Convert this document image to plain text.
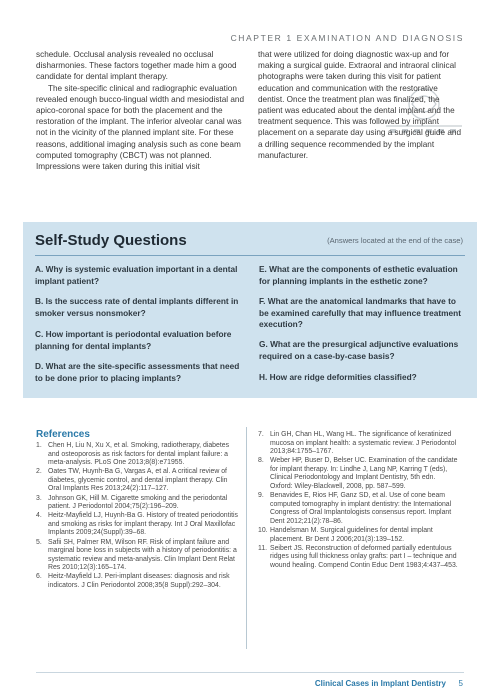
CHAPTER 1 EXAMINATION AND DIAGNOSIS

schedule. Occlusal analysis revealed no occlusal disharmonies. These factors together made him a good candidate for dental implant therapy.

The site-specific clinical and radiographic evaluation revealed enough bucco-lingual width and mesiodistal and apico-coronal space for both the placement and the restoration of the implant. The inferior alveolar canal was not in the vicinity of the planned implant site. For these reasons, additional imaging analysis such as cone beam computed tomography (CBCT) was not planned. Impressions were taken during this initial visit

that were utilized for doing diagnostic wax-up and for making a surgical guide. Extraoral and intraoral clinical photographs were taken during this visit for patient education and communication with the restorative dentist. Once the treatment plan was finalized, the patient was educated about the dental implant and the treatment sequence. This was followed by implant placement on a separate day using a surgical guide and a drilling sequence recommended by the implant manufacturer.

Self-Study Questions	(Answers located at the end of the case)
A. Why is systemic evaluation important in a dental implant patient?
B. Is the success rate of dental implants different in smoker versus nonsmoker?
C. How important is periodontal evaluation before planning for dental implants?
D. What are the site-specific assessments that need to be done prior to placing implants?
E. What are the components of esthetic evaluation for planning implants in the esthetic zone?
F. What are the anatomical landmarks that have to be examined carefully that may influence treatment execution?
G. What are the presurgical adjunctive evaluations required on a case-by-case basis?
H. How are ridge deformities classified?
References
1. Chen H, Liu N, Xu X, et al. Smoking, radiotherapy, diabetes and osteoporosis as risk factors for dental implant failure: a meta-analysis. PLoS One 2013;8(8):e71955.
2. Oates TW, Huynh-Ba G, Vargas A, et al. A critical review of diabetes, glycemic control, and dental implant therapy. Clin Oral Implants Res 2013;24(2):117–127.
3. Johnson GK, Hill M. Cigarette smoking and the periodontal patient. J Periodontol 2004;75(2):196–209.
4. Heitz-Mayfield LJ, Huynh-Ba G. History of treated periodontitis and smoking as risks for implant therapy. Int J Oral Maxillofac Implants 2009;24(Suppl):39–68.
5. Safii SH, Palmer RM, Wilson RF. Risk of implant failure and marginal bone loss in subjects with a history of periodontitis: a systematic review and meta-analysis. Clin Implant Dent Relat Res 2010;12(3):165–174.
6. Heitz-Mayfield LJ. Peri-implant diseases: diagnosis and risk indicators. J Clin Periodontol 2008;35(8 Suppl):292–304.
7. Lin GH, Chan HL, Wang HL. The significance of keratinized mucosa on implant health: a systematic review. J Periodontol 2013;84:1755–1767.
8. Weber HP, Buser D, Belser UC. Examination of the candidate for implant therapy. In: Lindhe J, Lang NP, Karring T (eds), Clinical Periodontology and Implant Dentistry, 5th edn. Oxford: Wiley-Blackwell, 2008, pp. 587–599.
9. Benavides E, Rios HF, Ganz SD, et al. Use of cone beam computed tomography in implant dentistry: the International Congress of Oral Implantologists consensus report. Implant Dent 2012;21(2):78–86.
10. Handelsman M. Surgical guidelines for dental implant placement. Br Dent J 2006;201(3):139–152.
11. Seibert JS. Reconstruction of deformed partially edentulous ridges using full thickness onlay grafts: part I – technique and wound healing. Compend Contin Educ Dent 1983;4:437–453.
Clinical Cases in Implant Dentistry 5
